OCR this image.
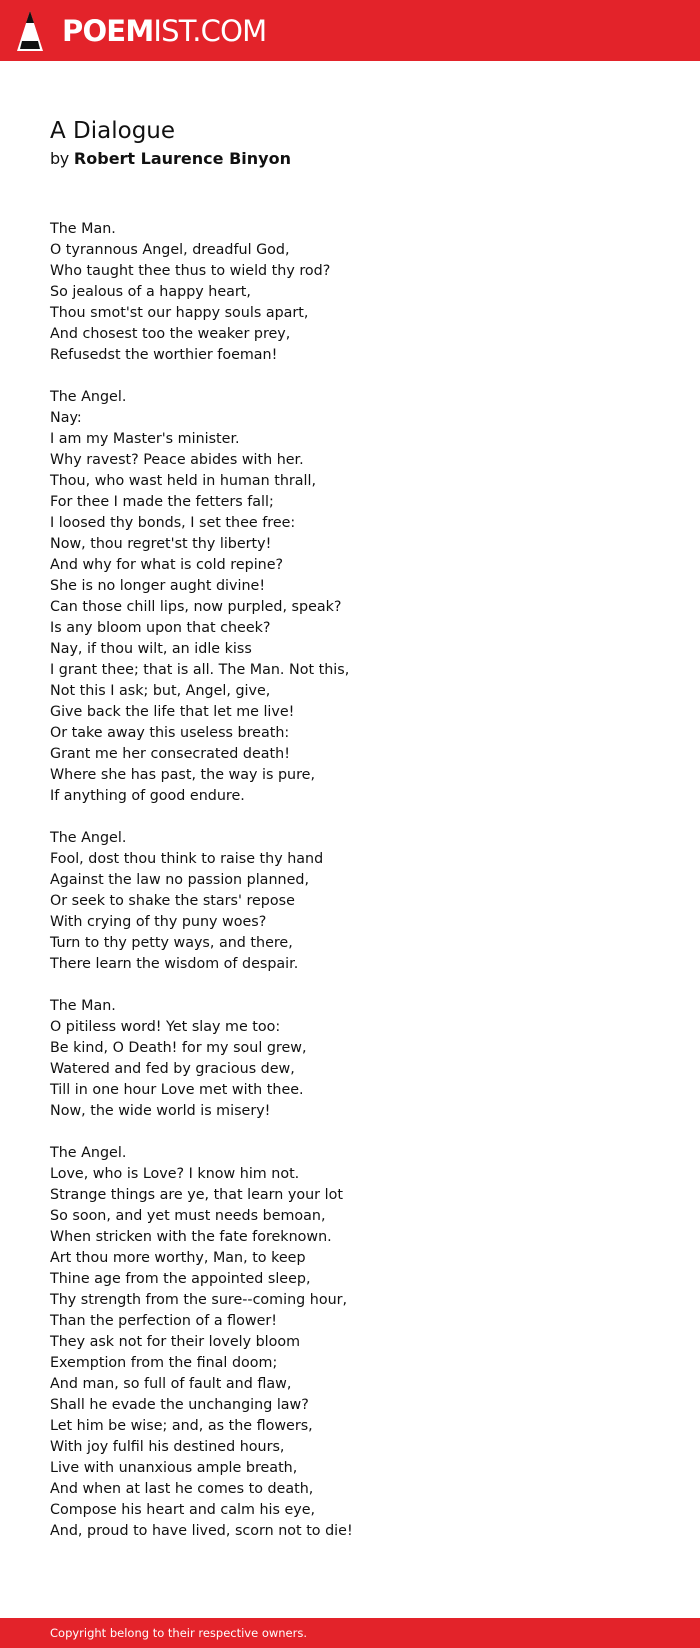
POEMIST.COM
A Dialogue
by Robert Laurence Binyon
The Man.
O tyrannous Angel, dreadful God,
Who taught thee thus to wield thy rod?
So jealous of a happy heart,
Thou smot'st our happy souls apart,
And chosest too the weaker prey,
Refusedst the worthier foeman!
The Angel.
Nay:
I am my Master's minister.
Why ravest? Peace abides with her.
Thou, who wast held in human thrall,
For thee I made the fetters fall;
I loosed thy bonds, I set thee free:
Now, thou regret'st thy liberty!
And why for what is cold repine?
She is no longer aught divine!
Can those chill lips, now purpled, speak?
Is any bloom upon that cheek?
Nay, if thou wilt, an idle kiss
I grant thee; that is all. The Man. Not this,
Not this I ask; but, Angel, give,
Give back the life that let me live!
Or take away this useless breath:
Grant me her consecrated death!
Where she has past, the way is pure,
If anything of good endure.
The Angel.
Fool, dost thou think to raise thy hand
Against the law no passion planned,
Or seek to shake the stars' repose
With crying of thy puny woes?
Turn to thy petty ways, and there,
There learn the wisdom of despair.
The Man.
O pitiless word! Yet slay me too:
Be kind, O Death! for my soul grew,
Watered and fed by gracious dew,
Till in one hour Love met with thee.
Now, the wide world is misery!
The Angel.
Love, who is Love? I know him not.
Strange things are ye, that learn your lot
So soon, and yet must needs bemoan,
When stricken with the fate foreknown.
Art thou more worthy, Man, to keep
Thine age from the appointed sleep,
Thy strength from the sure--coming hour,
Than the perfection of a flower!
They ask not for their lovely bloom
Exemption from the final doom;
And man, so full of fault and flaw,
Shall he evade the unchanging law?
Let him be wise; and, as the flowers,
With joy fulfil his destined hours,
Live with unanxious ample breath,
And when at last he comes to death,
Compose his heart and calm his eye,
And, proud to have lived, scorn not to die!
Copyright belong to their respective owners.
